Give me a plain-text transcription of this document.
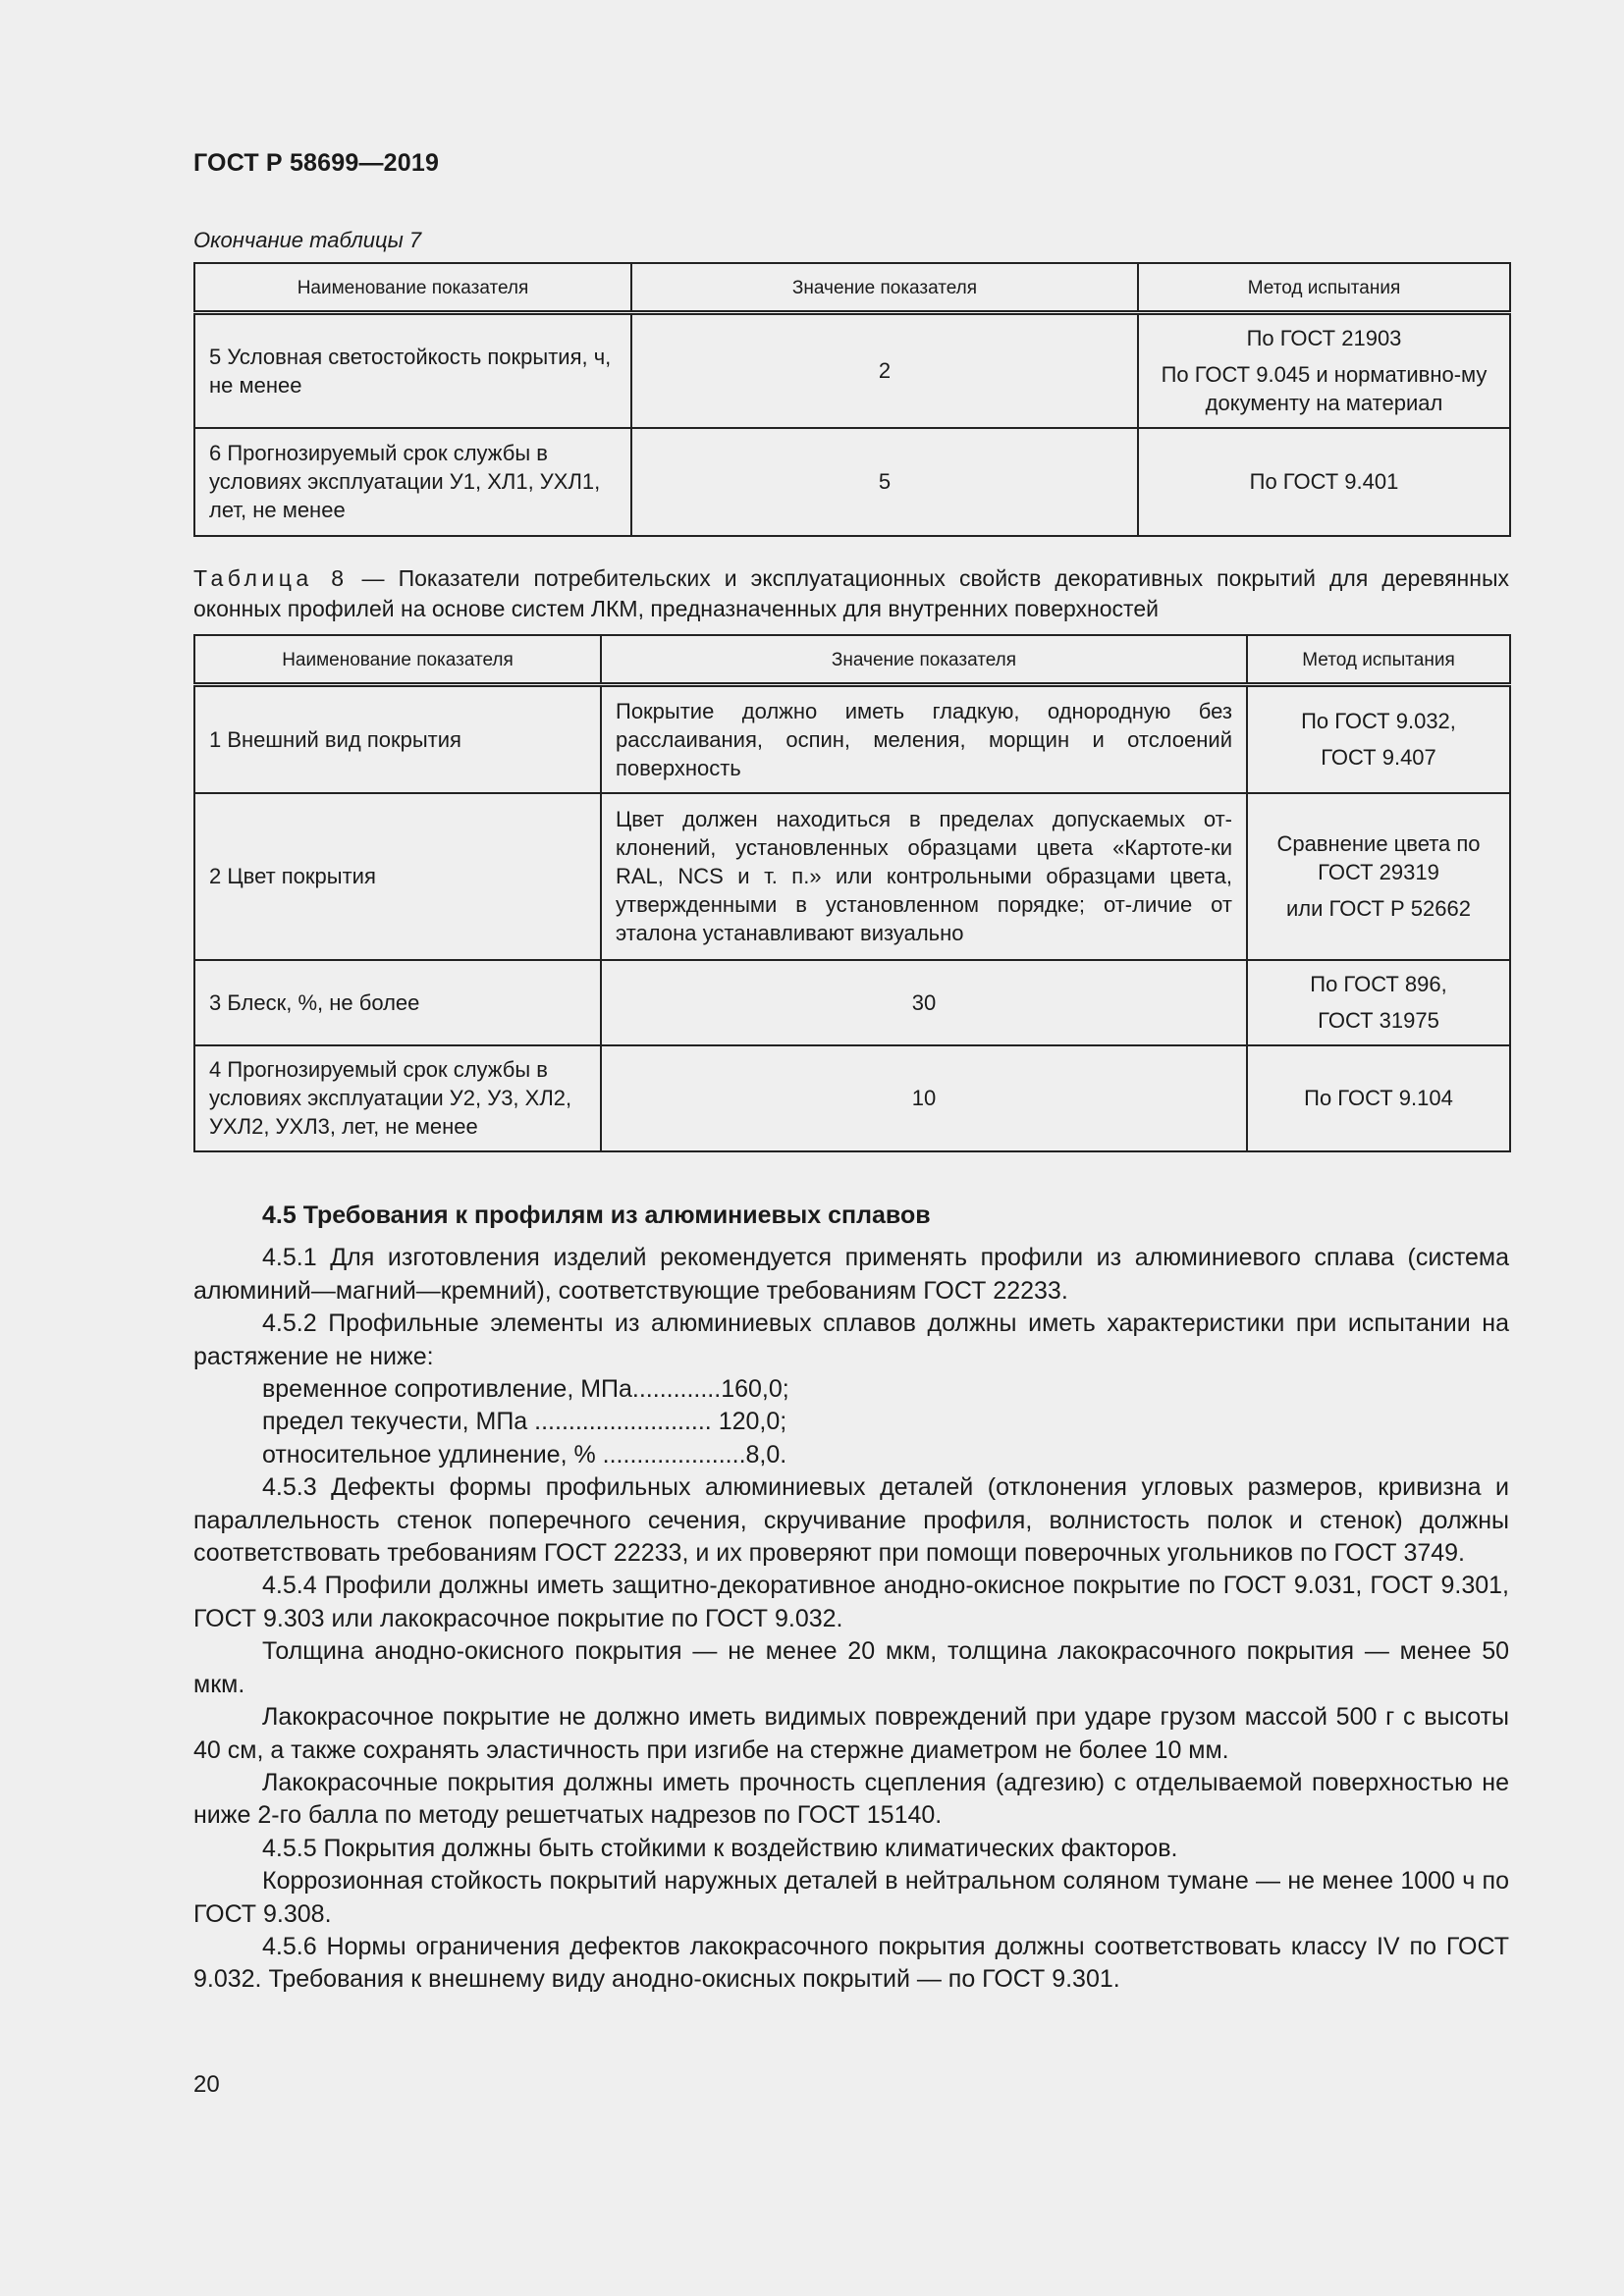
ГОСТ Р 58699—2019
Окончание таблицы 7
Наименование показателя	Значение показателя	Метод испытания
5 Условная светостойкость покрытия, ч, не менее	2	По ГОСТ 21903
По ГОСТ 9.045 и нормативно-му документу на материал

6 Прогнозируемый срок службы в условиях эксплуатации У1, ХЛ1, УХЛ1, лет, не менее	5	По ГОСТ 9.401
Таблица 8 — Показатели потребительских и эксплуатационных свойств декоративных покрытий для деревянных оконных профилей на основе систем ЛКМ, предназначенных для внутренних поверхностей
Наименование показателя	Значение показателя	Метод испытания
1 Внешний вид покрытия	Покрытие должно иметь гладкую, однородную без расслаивания, оспин, меления, морщин и отслоений поверхность	По ГОСТ 9.032,
ГОСТ 9.407

2 Цвет покрытия	Цвет должен находиться в пределах допускаемых от-клонений, установленных образцами цвета «Картоте-ки RAL, NCS и т. п.» или контрольными образцами цвета, утвержденными в установленном порядке; от-личие от эталона устанавливают визуально	Сравнение цвета по ГОСТ 29319
или ГОСТ Р 52662

3 Блеск, %, не более	30	По ГОСТ 896,
ГОСТ 31975

4 Прогнозируемый срок службы в условиях эксплуатации У2, У3, ХЛ2, УХЛ2, УХЛ3, лет, не менее	10	По ГОСТ 9.104

4.5 Требования к профилям из алюминиевых сплавов

4.5.1 Для изготовления изделий рекомендуется применять профили из алюминиевого сплава (система алюминий—магний—кремний), соответствующие требованиям ГОСТ 22233.

4.5.2 Профильные элементы из алюминиевых сплавов должны иметь характеристики при испытании на растяжение не ниже:

временное сопротивление, МПа.............160,0;

предел текучести, МПа .......................... 120,0;

относительное удлинение, % .....................8,0.

4.5.3 Дефекты формы профильных алюминиевых деталей (отклонения угловых размеров, кривизна и параллельность стенок поперечного сечения, скручивание профиля, волнистость полок и стенок) должны соответствовать требованиям ГОСТ 22233, и их проверяют при помощи поверочных угольников по ГОСТ 3749.

4.5.4 Профили должны иметь защитно-декоративное анодно-окисное покрытие по ГОСТ 9.031, ГОСТ 9.301, ГОСТ 9.303 или лакокрасочное покрытие по ГОСТ 9.032.

Толщина анодно-окисного покрытия — не менее 20 мкм, толщина лакокрасочного покрытия — менее 50 мкм.

Лакокрасочное покрытие не должно иметь видимых повреждений при ударе грузом массой 500 г с высоты 40 см, а также сохранять эластичность при изгибе на стержне диаметром не более 10 мм.

Лакокрасочные покрытия должны иметь прочность сцепления (адгезию) с отделываемой поверхностью не ниже 2-го балла по методу решетчатых надрезов по ГОСТ 15140.

4.5.5 Покрытия должны быть стойкими к воздействию климатических факторов.

Коррозионная стойкость покрытий наружных деталей в нейтральном соляном тумане — не менее 1000 ч по ГОСТ 9.308.

4.5.6 Нормы ограничения дефектов лакокрасочного покрытия должны соответствовать классу IV по ГОСТ 9.032. Требования к внешнему виду анодно-окисных покрытий — по ГОСТ 9.301.

20
